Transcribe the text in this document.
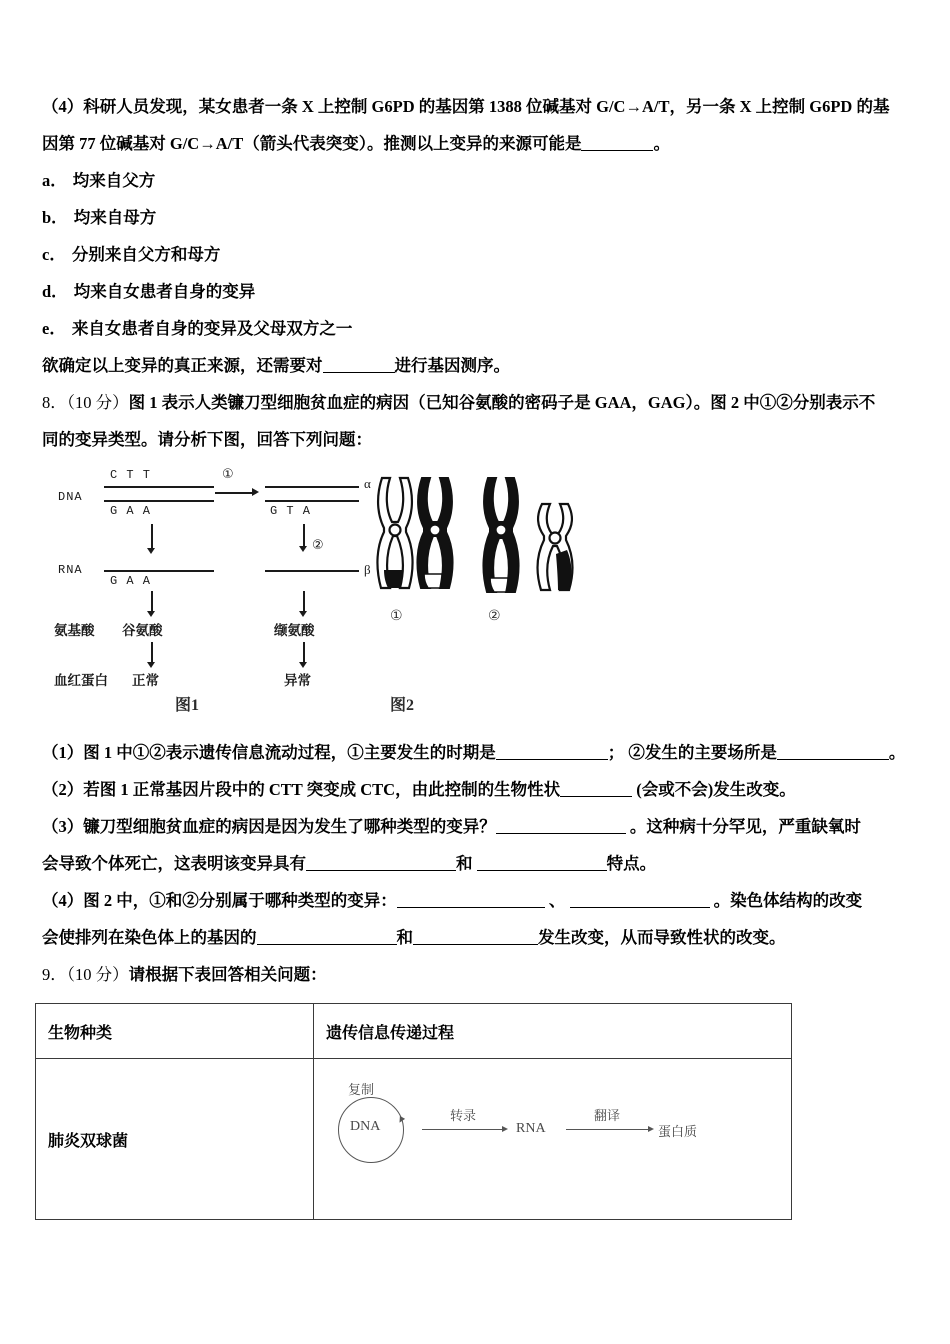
（4）科研人员发现，某女患者一条 X 上控制 G6PD 的基因第 1388 位碱基对 G/C→A/T，另一条 X 上控制 G6PD 的基
因第 77 位碱基对 G/C→A/T（箭头代表突变）。推测以上变异的来源可能是	。
a． 均来自父方
b． 均来自母方
c． 分别来自父方和母方
d． 均来自女患者自身的变异
e． 来自女患者自身的变异及父母双方之一
欲确定以上变异的真正来源，还需要对	进行基因测序。
8．（10 分）图 1 表示人类镰刀型细胞贫血症的病因（已知谷氨酸的密码子是 GAA，GAG）。图 2 中①②分别表示不
同的变异类型。请分析下图，回答下列问题：
DNA
C T T
G A A
①
α
G T A
②
RNA
G A A
β
氨基酸 谷氨酸	缬氨酸
血红蛋白 正常	异常
①	②
图1	图2
（1）图 1 中①②表示遗传信息流动过程，①主要发生的时期是	； ②发生的主要场所是	。
（2）若图 1 正常基因片段中的 CTT 突变成 CTC，由此控制的生物性状	(会或不会)发生改变。
（3）镰刀型细胞贫血症的病因是因为发生了哪种类型的变异？	。这种病十分罕见，严重缺氧时
会导致个体死亡，这表明该变异具有	和	特点。
（4）图 2 中，①和②分别属于哪种类型的变异：	、	。染色体结构的改变
会使排列在染色体上的基因的	和	发生改变，从而导致性状的改变。
9．（10 分）请根据下表回答相关问题：
生物种类	遗传信息传递过程
肺炎双球菌	
复制
DNA
转录
RNA
翻译
蛋白质
